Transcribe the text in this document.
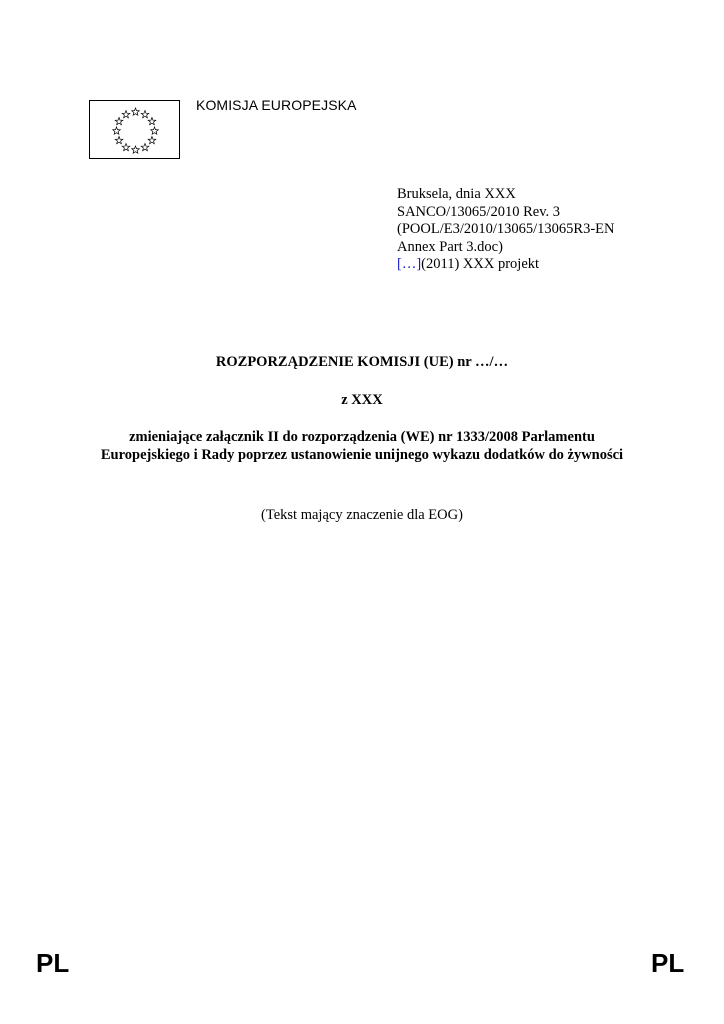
KOMISJA EUROPEJSKA
Bruksela, dnia XXX
SANCO/13065/2010 Rev. 3
(POOL/E3/2010/13065/13065R3-EN
Annex Part 3.doc)
[…](2011) XXX projekt
ROZPORZĄDZENIE KOMISJI (UE) nr …/…
z XXX
zmieniające załącznik II do rozporządzenia (WE) nr 1333/2008 Parlamentu
Europejskiego i Rady poprzez ustanowienie unijnego wykazu dodatków do żywności
(Tekst mający znaczenie dla EOG)
PL	PL
